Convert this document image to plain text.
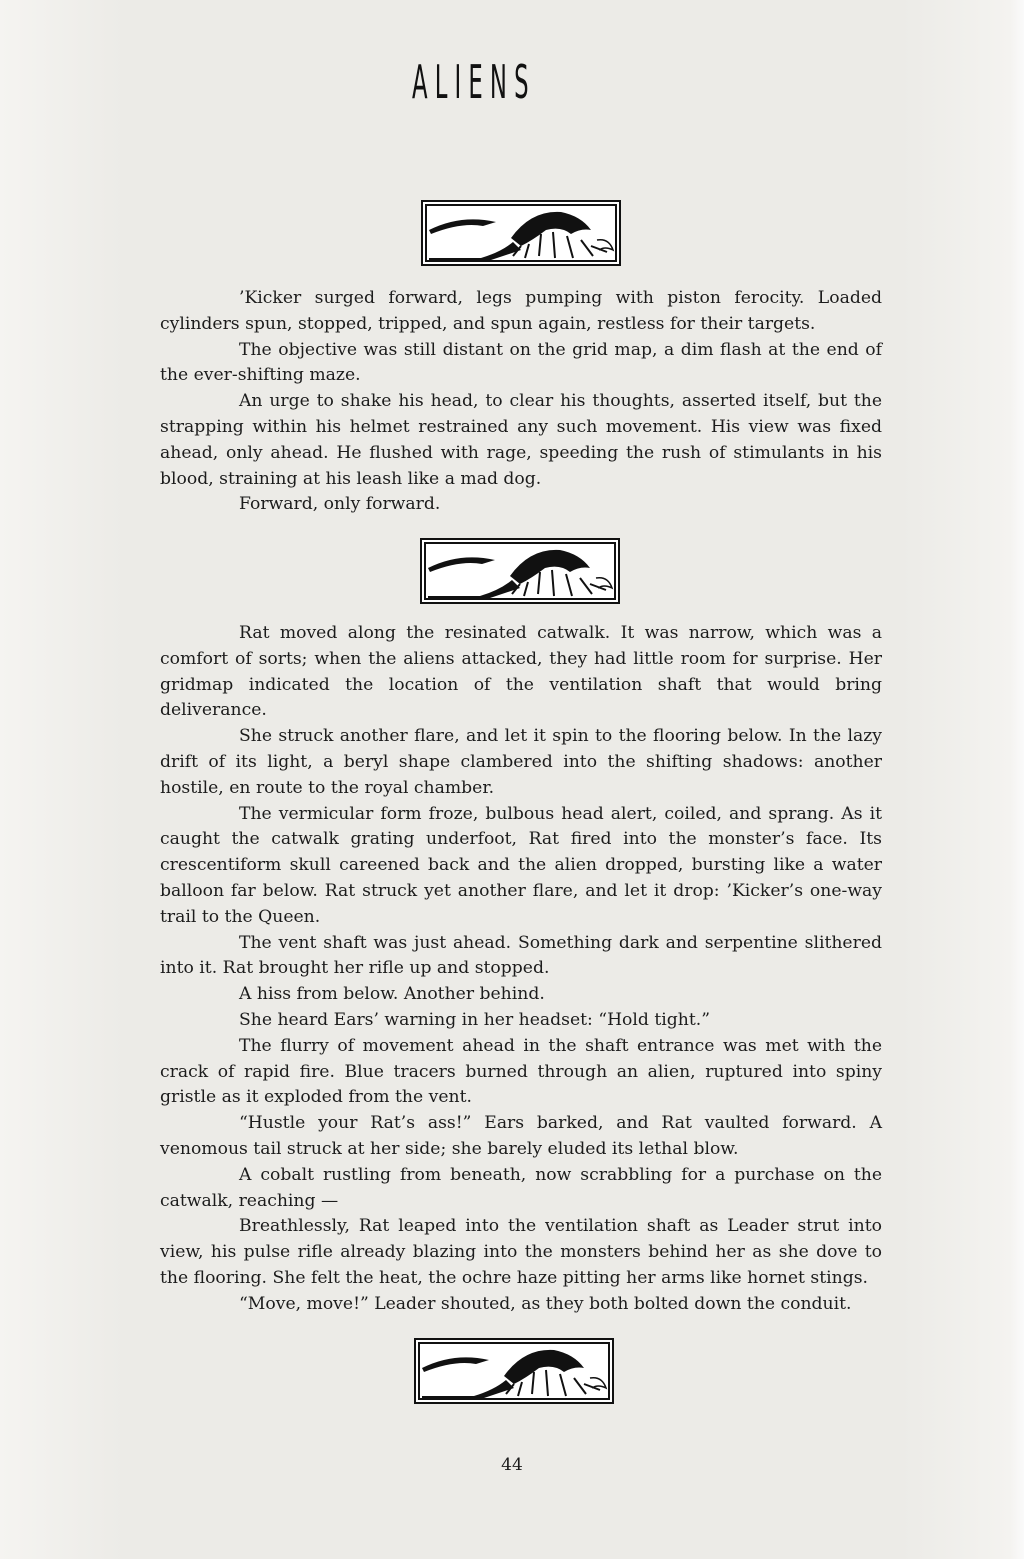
ALIENS

’Kicker surged forward, legs pumping with piston ferocity. Loaded cylinders spun, stopped, tripped, and spun again, restless for their targets.

The objective was still distant on the grid map, a dim flash at the end of the ever-shifting maze.

An urge to shake his head, to clear his thoughts, asserted itself, but the strapping within his helmet restrained any such movement. His view was fixed ahead, only ahead. He flushed with rage, speeding the rush of stimulants in his blood, straining at his leash like a mad dog.

Forward, only forward.

Rat moved along the resinated catwalk. It was narrow, which was a comfort of sorts; when the aliens attacked, they had little room for surprise. Her gridmap indicated the location of the ventilation shaft that would bring deliverance.

She struck another flare, and let it spin to the flooring below. In the lazy drift of its light, a beryl shape clambered into the shifting shadows: another hostile, en route to the royal chamber.

The vermicular form froze, bulbous head alert, coiled, and sprang. As it caught the catwalk grating underfoot, Rat fired into the monster’s face. Its crescentiform skull careened back and the alien dropped, bursting like a water balloon far below. Rat struck yet another flare, and let it drop: ’Kicker’s one-way trail to the Queen.

The vent shaft was just ahead. Something dark and serpentine slithered into it. Rat brought her rifle up and stopped.

A hiss from below. Another behind.

She heard Ears’ warning in her headset: “Hold tight.”

The flurry of movement ahead in the shaft entrance was met with the crack of rapid fire. Blue tracers burned through an alien, ruptured into spiny gristle as it exploded from the vent.

“Hustle your Rat’s ass!” Ears barked, and Rat vaulted forward. A venomous tail struck at her side; she barely eluded its lethal blow.

A cobalt rustling from beneath, now scrabbling for a purchase on the catwalk, reaching —

Breathlessly, Rat leaped into the ventilation shaft as Leader strut into view, his pulse rifle already blazing into the monsters behind her as she dove to the flooring. She felt the heat, the ochre haze pitting her arms like hornet stings.

“Move, move!” Leader shouted, as they both bolted down the conduit.

44
